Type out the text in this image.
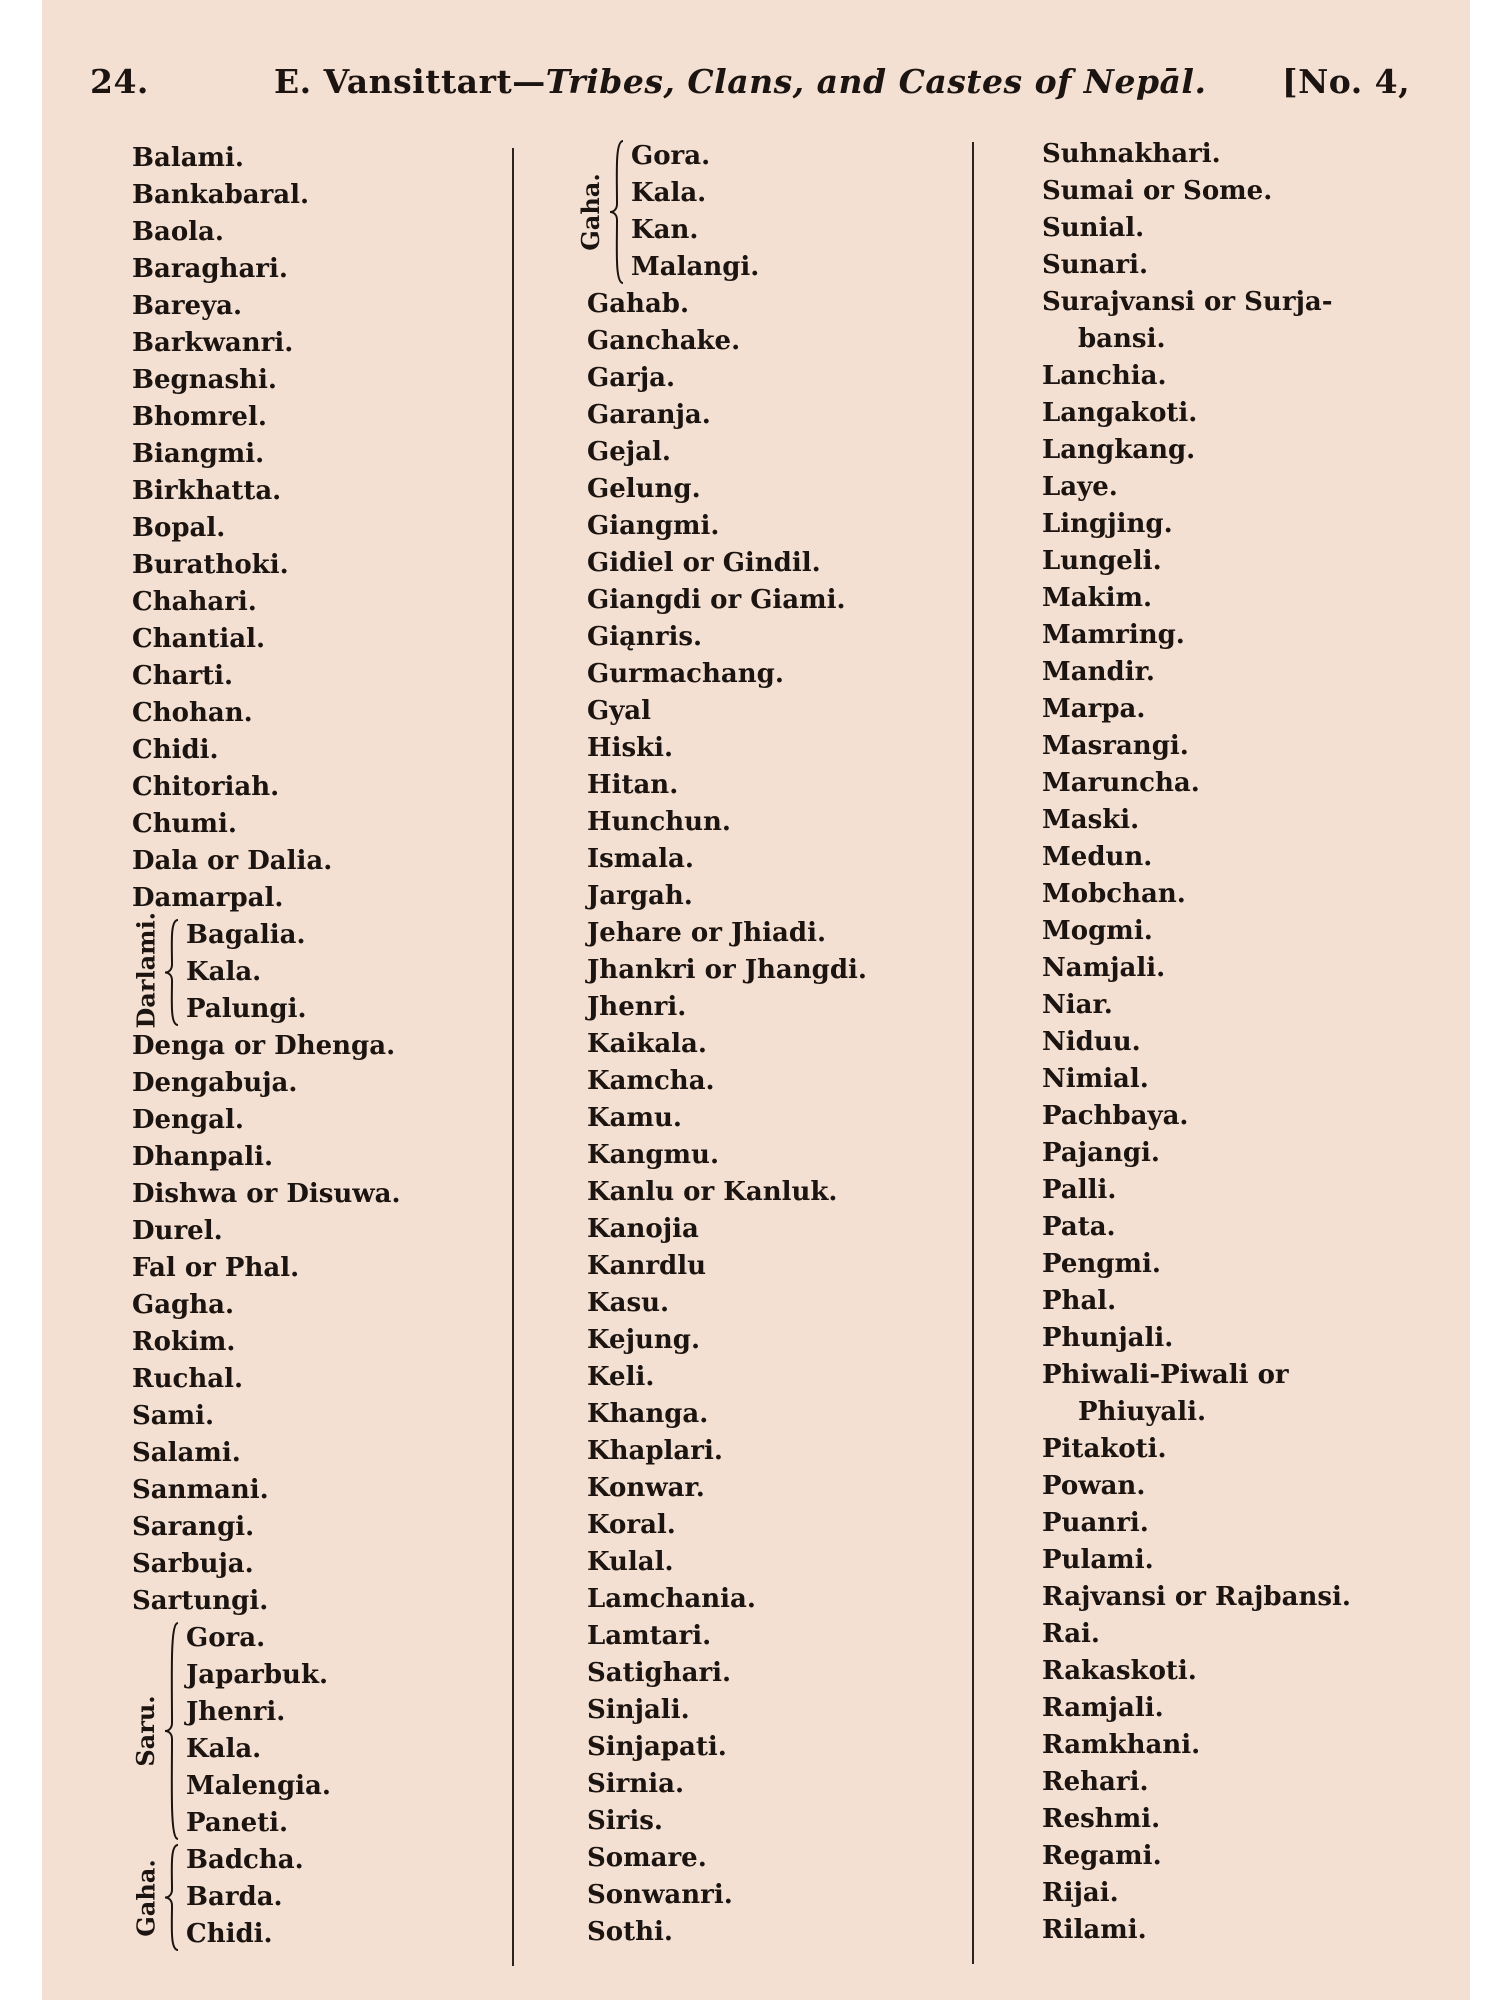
24.	E. Vansittart—Tribes, Clans, and Castes of Nepāl. [No. 4,
Balami.
Bankabaral.
Baola.
Baraghari.
Bareya.
Barkwanri.
Begnashi.
Bhomrel.
Biangmi.
Birkhatta.
Bopal.
Burathoki.
Chahari.
Chantial.
Charti.
Chohan.
Chidi.
Chitoriah.
Chumi.
Dala or Dalia.
Damarpal.
Darlami. Bagalia.
Kala.
Palungi.
Denga or Dhenga.
Dengabuja.
Dengal.
Dhanpali.
Dishwa or Disuwa.
Durel.
Fal or Phal.
Gagha.
Rokim.
Ruchal.
Sami.
Salami.
Sanmani.
Sarangi.
Sarbuja.
Sartungi.
Saru.
Gora.
Japarbuk.
Jhenri.
Kala.
Malengia.
Paneti.
Gaha. Badcha.
Barda.
Chidi.
Gaha.
Gora.
Kala.
Kan.
Malangi.
Gahab.
Ganchake.
Garja.
Garanja.
Gejal.
Gelung.
Giangmi.
Gidiel or Gindil.
Giangdi or Giami.
Giąnris.
Gurmachang.
Gyal
Hiski.
Hitan.
Hunchun.
Ismala.
Jargah.
Jehare or Jhiadi.
Jhankri or Jhangdi.
Jhenri.
Kaikala.
Kamcha.
Kamu.
Kangmu.
Kanlu or Kanluk.
Kanojia
Kanrdlu
Kasu.
Kejung.
Keli.
Khanga.
Khaplari.
Konwar.
Koral.
Kulal.
Lamchania.
Lamtari.
Satighari.
Sinjali.
Sinjapati.
Sirnia.
Siris.
Somare.
Sonwanri.
Sothi.
Suhnakhari.
Sumai or Some.
Sunial.
Sunari.
Surajvansi or Surja-
bansi.
Lanchia.
Langakoti.
Langkang.
Laye.
Lingjing.
Lungeli.
Makim.
Mamring.
Mandir.
Marpa.
Masrangi.
Maruncha.
Maski.
Medun.
Mobchan.
Mogmi.
Namjali.
Niar.
Niduu.
Nimial.
Pachbaya.
Pajangi.
Palli.
Pata.
Pengmi.
Phal.
Phunjali.
Phiwali-Piwali or
Phiuyali.
Pitakoti.
Powan.
Puanri.
Pulami.
Rajvansi or Rajbansi.
Rai.
Rakaskoti.
Ramjali.
Ramkhani.
Rehari.
Reshmi.
Regami.
Rijai.
Rilami.
